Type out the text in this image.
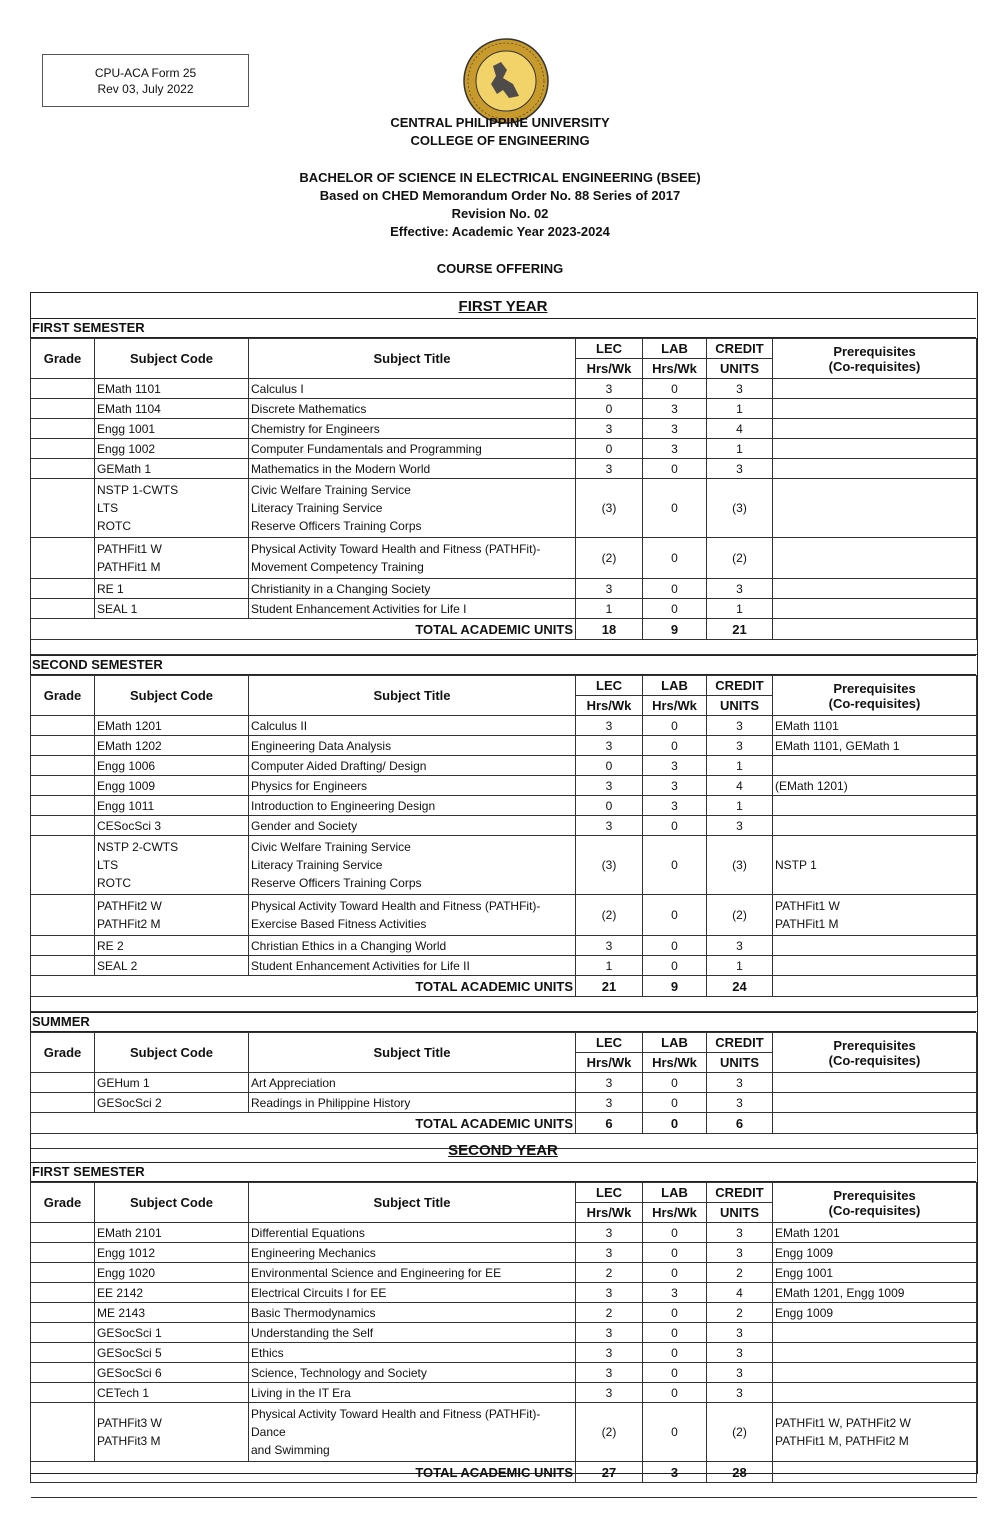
CPU-ACA Form 25
Rev 03, July 2022
CENTRAL PHILIPPINE UNIVERSITY
COLLEGE OF ENGINEERING
BACHELOR OF SCIENCE IN ELECTRICAL ENGINEERING (BSEE)
Based on CHED Memorandum Order No. 88 Series of 2017
Revision No. 02
Effective: Academic Year 2023-2024
COURSE OFFERING
FIRST YEAR
FIRST SEMESTER
Grade	Subject Code	Subject Title	LEC	LAB	CREDIT	Prerequisites
(Co-requisites)
			Hrs/Wk	Hrs/Wk	UNITS	
	EMath 1101	Calculus I	3	0	3	
	EMath 1104	Discrete Mathematics	0	3	1	
	Engg 1001	Chemistry for Engineers	3	3	4	
	Engg 1002	Computer Fundamentals and Programming	0	3	1	
	GEMath 1	Mathematics in the Modern World	3	0	3	
	NSTP 1-CWTS
LTS
ROTC	Civic Welfare Training Service
Literacy Training Service
Reserve Officers Training Corps	(3)	0	(3)	
	PATHFit1 W
PATHFit1 M	Physical Activity Toward Health and Fitness (PATHFit)-
Movement Competency Training	(2)	0	(2)	
	RE 1	Christianity in a Changing Society	3	0	3	
	SEAL 1	Student Enhancement Activities for Life I	1	0	1	
		TOTAL ACADEMIC UNITS	18	9	21	

SECOND SEMESTER
Grade	Subject Code	Subject Title	LEC	LAB	CREDIT	Prerequisites
(Co-requisites)
			Hrs/Wk	Hrs/Wk	UNITS	
	EMath 1201	Calculus II	3	0	3	EMath 1101
	EMath 1202	Engineering Data Analysis	3	0	3	EMath 1101, GEMath 1
	Engg 1006	Computer Aided Drafting/ Design	0	3	1	
	Engg 1009	Physics for Engineers	3	3	4	(EMath 1201)
	Engg 1011	Introduction to Engineering Design	0	3	1	
	CESocSci 3	Gender and Society	3	0	3	
	NSTP 2-CWTS
LTS
ROTC	Civic Welfare Training Service
Literacy Training Service
Reserve Officers Training Corps	(3)	0	(3)	NSTP 1
	PATHFit2 W
PATHFit2 M	Physical Activity Toward Health and Fitness (PATHFit)-
Exercise Based Fitness Activities	(2)	0	(2)	PATHFit1 W
PATHFit1 M
	RE 2	Christian Ethics in a Changing World	3	0	3	
	SEAL 2	Student Enhancement Activities for Life II	1	0	1	
		TOTAL ACADEMIC UNITS	21	9	24	

SUMMER
Grade	Subject Code	Subject Title	LEC	LAB	CREDIT	Prerequisites
(Co-requisites)
			Hrs/Wk	Hrs/Wk	UNITS	
	GEHum 1	Art Appreciation	3	0	3	
	GESocSci 2	Readings in Philippine History	3	0	3	
		TOTAL ACADEMIC UNITS	6	0	6	

SECOND YEAR
FIRST SEMESTER
Grade	Subject Code	Subject Title	LEC	LAB	CREDIT	Prerequisites
(Co-requisites)
			Hrs/Wk	Hrs/Wk	UNITS	
	EMath 2101	Differential Equations	3	0	3	EMath 1201
	Engg 1012	Engineering Mechanics	3	0	3	Engg 1009
	Engg 1020	Environmental Science and Engineering for EE	2	0	2	Engg 1001
	EE 2142	Electrical Circuits I for EE	3	3	4	EMath 1201, Engg 1009
	ME 2143	Basic Thermodynamics	2	0	2	Engg 1009
	GESocSci 1	Understanding the Self	3	0	3	
	GESocSci 5	Ethics	3	0	3	
	GESocSci 6	Science, Technology and Society	3	0	3	
	CETech 1	Living in the IT Era	3	0	3	
	PATHFit3 W
PATHFit3 M	Physical Activity Toward Health and Fitness (PATHFit)- Dance
and Swimming	(2)	0	(2)	PATHFit1 W, PATHFit2 W
PATHFit1 M, PATHFit2 M
		TOTAL ACADEMIC UNITS	27	3	28	
